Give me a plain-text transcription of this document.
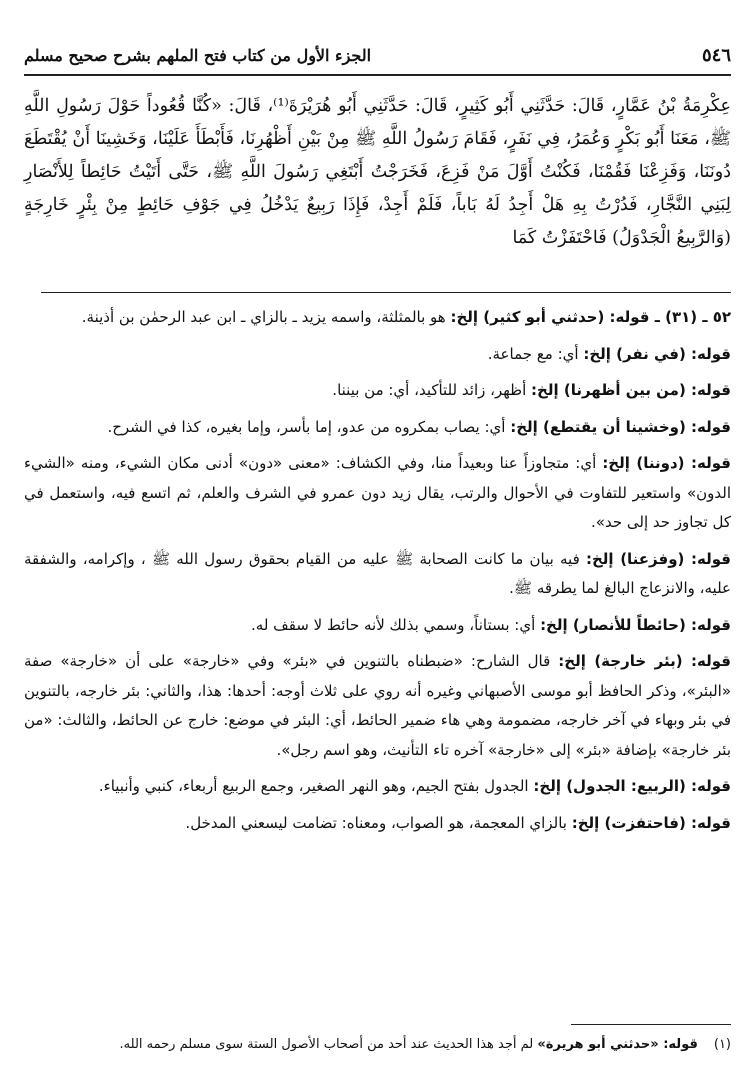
٥٤٦
الجزء الأول من كتاب فتح الملهم بشرح صحيح مسلم
عِكْرِمَةُ بْنُ عَمَّارٍ، قَالَ: حَدَّثَنِي أَبُو كَثِيرٍ، قَالَ: حَدَّثَنِي أَبُو هُرَيْرَةَ⁽¹⁾، قَالَ: «كُنَّا قُعُوداً حَوْلَ رَسُولِ اللَّهِ ﷺ، مَعَنَا أَبُو بَكْرٍ وَعُمَرُ، فِي نَفَرٍ، فَقَامَ رَسُولُ اللَّهِ ﷺ مِنْ بَيْنِ أَظْهُرِنَا، فَأَبْطَأَ عَلَيْنَا، وَخَشِينَا أَنْ يُقْتَطَعَ دُونَنَا، وَفَزِعْنَا فَقُمْنَا، فَكُنْتُ أَوَّلَ مَنْ فَزِعَ، فَخَرَجْتُ أَبْتَغِي رَسُولَ اللَّهِ ﷺ، حَتَّى أَتَيْتُ حَائِطاً لِلأَنْصَارِ لِبَنِي النَّجَّارِ، فَدُرْتُ بِهِ هَلْ أَجِدُ لَهُ بَاباً، فَلَمْ أَجِدْ، فَإِذَا رَبِيعٌ يَدْخُلُ فِي جَوْفِ حَائِطٍ مِنْ بِئْرٍ خَارِجَةٍ (وَالرَّبِيعُ الْجَدْوَلُ) فَاحْتَفَزْتُ كَمَا

٥٢ ـ (٣١) ـ قوله: (حدثني أبو كثير) إلخ: هو بالمثلثة، واسمه يزيد ـ بالزاي ـ ابن عبد الرحمٰن بن أذينة.

قوله: (في نفر) إلخ: أي: مع جماعة.

قوله: (من بين أظهرنا) إلخ: أظهر، زائد للتأكيد، أي: من بيننا.

قوله: (وخشينا أن يقتطع) إلخ: أي: يصاب بمكروه من عدو، إما بأسر، وإما بغيره، كذا في الشرح.

قوله: (دوننا) إلخ: أي: متجاوزاً عنا وبعيداً منا، وفي الكشاف: «معنى «دون» أدنى مكان الشيء، ومنه «الشيء الدون» واستعير للتفاوت في الأحوال والرتب، يقال زيد دون عمرو في الشرف والعلم، ثم اتسع فيه، واستعمل في كل تجاوز حد إلى حد».

قوله: (وفزعنا) إلخ: فيه بيان ما كانت الصحابة ﷺ عليه من القيام بحقوق رسول الله ﷺ ، وإكرامه، والشفقة عليه، والانزعاج البالغ لما يطرقه ﷺ.

قوله: (حائطاً للأنصار) إلخ: أي: بستاناً، وسمي بذلك لأنه حائط لا سقف له.

قوله: (بئر خارجة) إلخ: قال الشارح: «ضبطناه بالتنوين في «بئر» وفي «خارجة» على أن «خارجة» صفة «البئر»، وذكر الحافظ أبو موسى الأصبهاني وغيره أنه روي على ثلاث أوجه: أحدها: هذا، والثاني: بئر خارجه، بالتنوين في بئر وبهاء في آخر خارجه، مضمومة وهي هاء ضمير الحائط، أي: البئر في موضع: خارج عن الحائط، والثالث: «من بئر خارجة» بإضافة «بئر» إلى «خارجة» آخره تاء التأنيث، وهو اسم رجل».

قوله: (الربيع: الجدول) إلخ: الجدول بفتح الجيم، وهو النهر الصغير، وجمع الربيع أربعاء، كنبي وأنبياء.

قوله: (فاحتفزت) إلخ: بالزاي المعجمة، هو الصواب، ومعناه: تضامت ليسعني المدخل.

(١)قوله: «حدثني أبو هريرة» لم أجد هذا الحديث عند أحد من أصحاب الأصول الستة سوى مسلم رحمه الله.
